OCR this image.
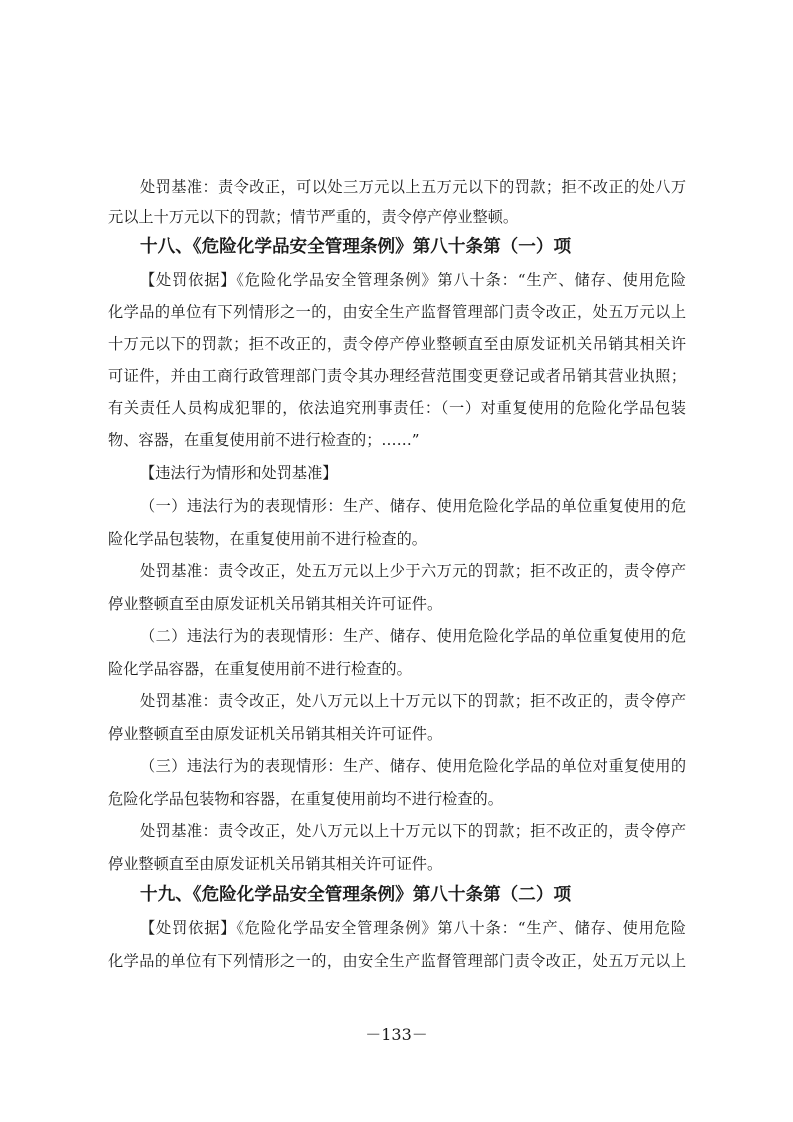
处罚基准：责令改正，可以处三万元以上五万元以下的罚款；拒不改正的处八万
元以上十万元以下的罚款；情节严重的，责令停产停业整顿。
十八、《危险化学品安全管理条例》第八十条第（一）项
【处罚依据】《危险化学品安全管理条例》第八十条：“生产、储存、使用危险
化学品的单位有下列情形之一的，由安全生产监督管理部门责令改正，处五万元以上
十万元以下的罚款；拒不改正的，责令停产停业整顿直至由原发证机关吊销其相关许
可证件，并由工商行政管理部门责令其办理经营范围变更登记或者吊销其营业执照；
有关责任人员构成犯罪的，依法追究刑事责任：（一）对重复使用的危险化学品包装
物、容器，在重复使用前不进行检查的；……”
【违法行为情形和处罚基准】
（一）违法行为的表现情形：生产、储存、使用危险化学品的单位重复使用的危
险化学品包装物，在重复使用前不进行检查的。
处罚基准：责令改正，处五万元以上少于六万元的罚款；拒不改正的，责令停产
停业整顿直至由原发证机关吊销其相关许可证件。
（二）违法行为的表现情形：生产、储存、使用危险化学品的单位重复使用的危
险化学品容器，在重复使用前不进行检查的。
处罚基准：责令改正，处八万元以上十万元以下的罚款；拒不改正的，责令停产
停业整顿直至由原发证机关吊销其相关许可证件。
（三）违法行为的表现情形：生产、储存、使用危险化学品的单位对重复使用的
危险化学品包装物和容器，在重复使用前均不进行检查的。
处罚基准：责令改正，处八万元以上十万元以下的罚款；拒不改正的，责令停产
停业整顿直至由原发证机关吊销其相关许可证件。
十九、《危险化学品安全管理条例》第八十条第（二）项
【处罚依据】《危险化学品安全管理条例》第八十条：“生产、储存、使用危险
化学品的单位有下列情形之一的，由安全生产监督管理部门责令改正，处五万元以上
－133－
